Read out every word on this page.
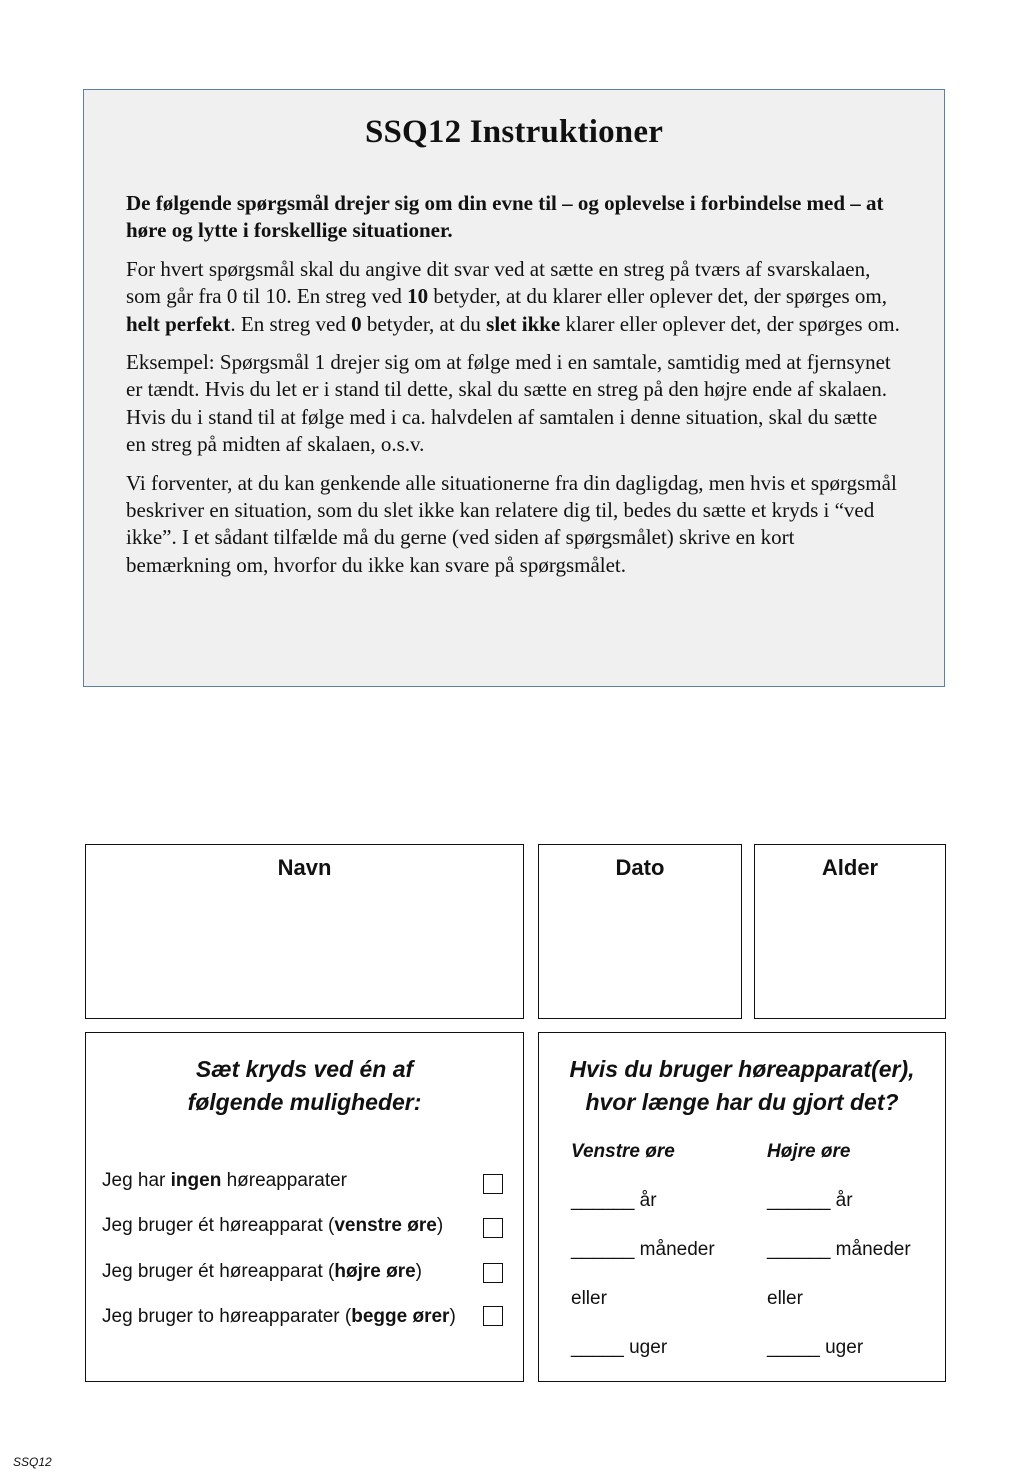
SSQ12 Instruktioner

De følgende spørgsmål drejer sig om din evne til – og oplevelse i forbindelse med – at høre og lytte i forskellige situationer.

For hvert spørgsmål skal du angive dit svar ved at sætte en streg på tværs af svarskalaen, som går fra 0 til 10. En streg ved 10 betyder, at du klarer eller oplever det, der spørges om, helt perfekt. En streg ved 0 betyder, at du slet ikke klarer eller oplever det, der spørges om.

Eksempel: Spørgsmål 1 drejer sig om at følge med i en samtale, samtidig med at fjernsynet er tændt. Hvis du let er i stand til dette, skal du sætte en streg på den højre ende af skalaen. Hvis du i stand til at følge med i ca. halvdelen af samtalen i denne situation, skal du sætte en streg på midten af skalaen, o.s.v.

Vi forventer, at du kan genkende alle situationerne fra din dagligdag, men hvis et spørgsmål beskriver en situation, som du slet ikke kan relatere dig til, bedes du sætte et kryds i “ved ikke”. I et sådant tilfælde må du gerne (ved siden af spørgsmålet) skrive en kort bemærkning om, hvorfor du ikke kan svare på spørgsmålet.

Navn	Dato	Alder
Sæt kryds ved én af
følgende muligheder:
Jeg har ingen høreapparater
Jeg bruger ét høreapparat (venstre øre)
Jeg bruger ét høreapparat (højre øre)
Jeg bruger to høreapparater (begge ører)
Hvis du bruger høreapparat(er),
hvor længe har du gjort det?
Venstre øre
______ år
______ måneder
eller
_____ uger
Højre øre
______ år
______ måneder
eller
_____ uger
SSQ12
